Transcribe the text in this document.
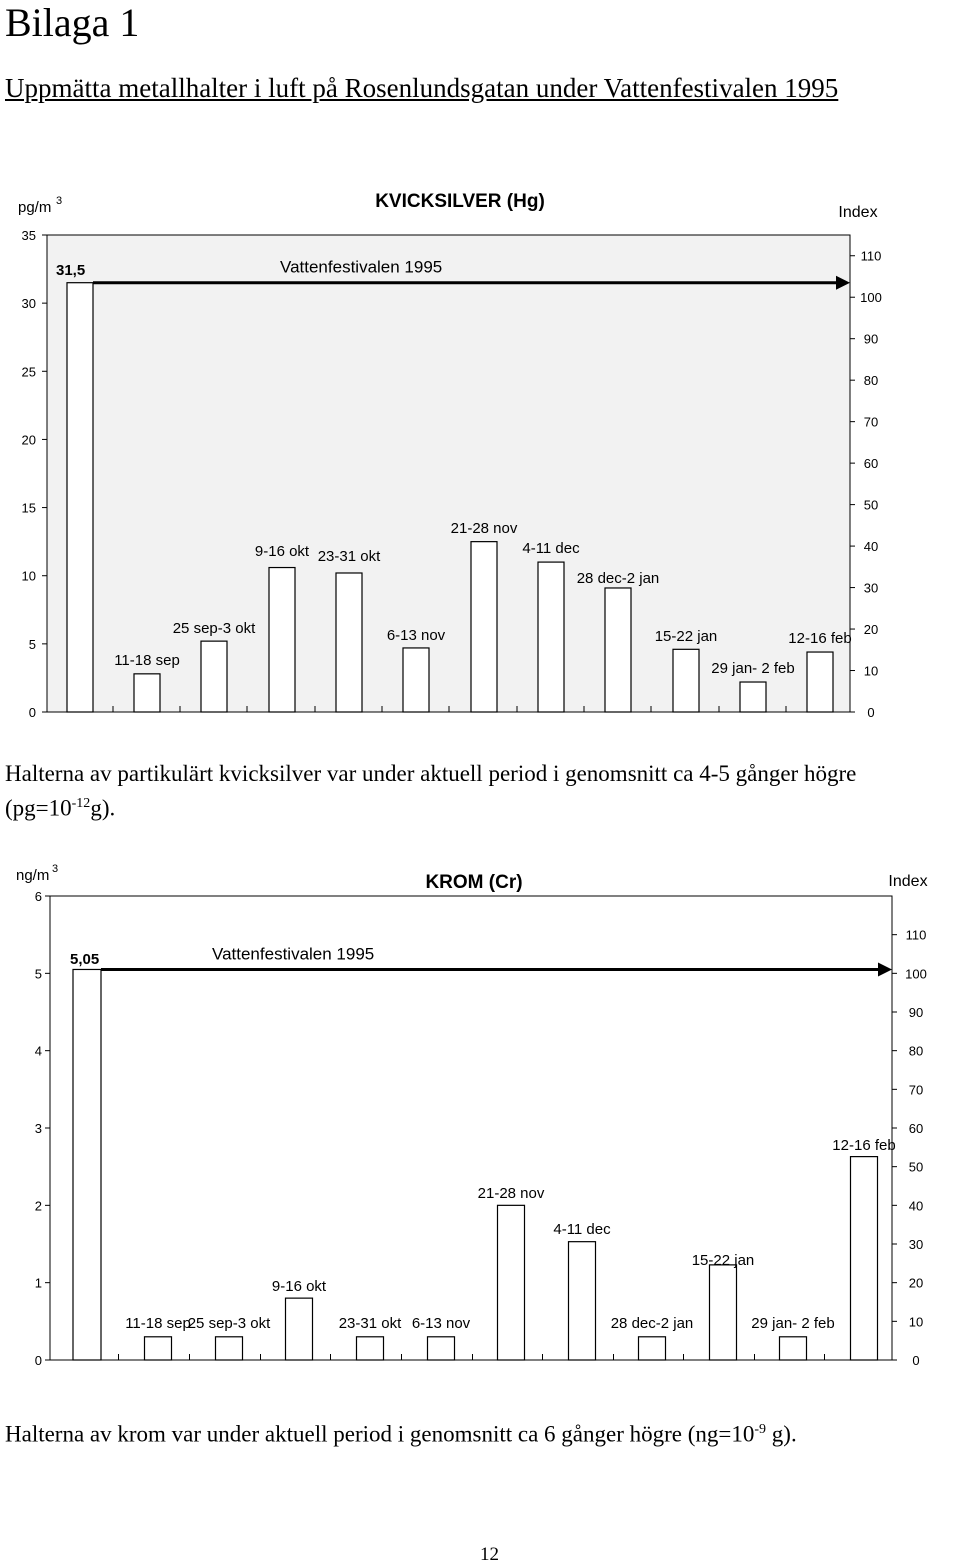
Bilaga 1
Uppmätta metallhalter i luft på Rosenlundsgatan under Vattenfestivalen 1995
0
5
10
15
20
25
30
35
0
10
20
30
40
50
60
70
80
90
100
110
pg/m 3
Index
KVICKSILVER (Hg)
31,5
11-18 sep
25 sep-3 okt
9-16 okt 23-31 okt
6-13 nov
21-28 nov
4-11 dec
28 dec-2 jan
15-22 jan
29 jan- 2 feb
12-16 feb
Vattenfestivalen 1995
Halterna av partikulärt kvicksilver var under aktuell period i genomsnitt ca 4-5 gånger högre
$(pg=10^{-12}g)$.
0
1
2
3
4
5
6
0
10
20
30
40
50
60
70
80
90
100
110
ng/m 3
Index
KROM (Cr)
5,05
11-18 sep
25 sep-3 okt
9-16 okt
23-31 okt 6-13 nov
21-28 nov
4-11 dec
28 dec-2 jan
15-22 jan
29 jan- 2 feb
12-16 feb
Vattenfestivalen 1995
Halterna av krom var under aktuell period i genomsnitt ca 6 gånger högre ($ng=10^{-9}$ g).
12
